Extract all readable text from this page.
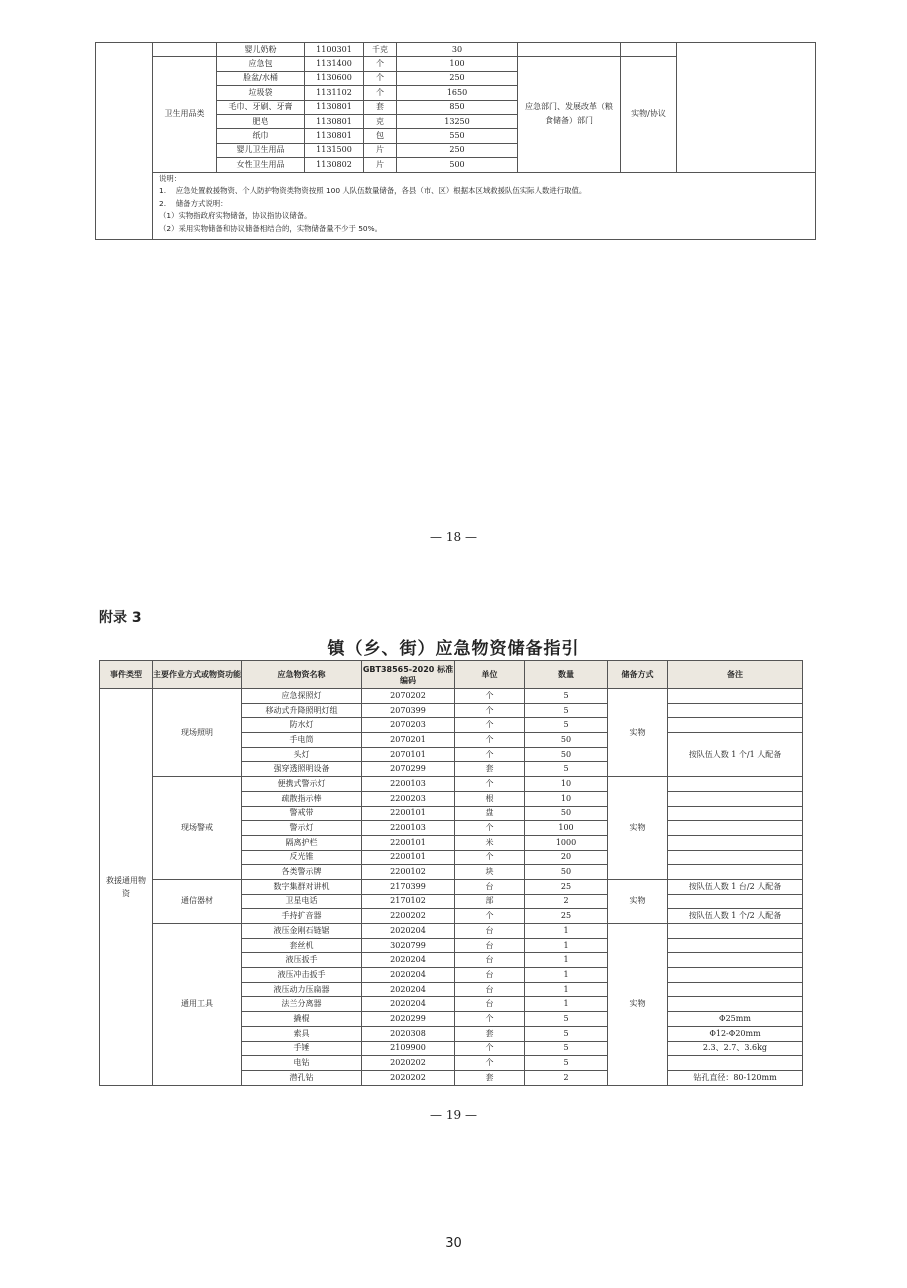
		婴儿奶粉	1100301	千克	30			
	卫生用品类	应急包	1131400	个	100	应急部门、发展改革（粮食储备）部门	实物/协议	
		脸盆/水桶	1130600	个	250			
		垃圾袋	1131102	个	1650			
		毛巾、牙刷、牙膏	1130801	套	850			
		肥皂	1130801	克	13250			
		纸巾	1130801	包	550			
		婴儿卫生用品	1131500	片	250			
		女性卫生用品	1130802	片	500			

	说明：
1.　 应急处置救援物资、个人防护物资类物资按照 100 人队伍数量储备，各县（市、区）根据本区域救援队伍实际人数进行取值。
2.　 储备方式说明：
（1）实物指政府实物储备，协议指协议储备。
（2）采用实物储备和协议储备相结合的，实物储备量不少于 50%。							
— 18 —
附录 3
镇（乡、街）应急物资储备指引
事件类型	主要作业方式或物资功能	应急物资名称	GBT38565-2020 标准编码	单位	数量	储备方式	备注
救援通用物资	现场照明	应急探照灯	2070202	个	5	实物	
		移动式升降照明灯组	2070399	个	5		
		防水灯	2070203	个	5		
		手电筒	2070201	个	50		按队伍人数 1 个/1 人配备
		头灯	2070101	个	50		
		强穿透照明设备	2070299	套	5		
	现场警戒	便携式警示灯	2200103	个	10	实物	
		疏散指示棒	2200203	根	10		
		警戒带	2200101	盘	50		
		警示灯	2200103	个	100		
		隔离护栏	2200101	米	1000		
		反光锥	2200101	个	20		
		各类警示牌	2200102	块	50		
	通信器材	数字集群对讲机	2170399	台	25	实物	按队伍人数 1 台/2 人配备
		卫星电话	2170102	部	2		
		手持扩音器	2200202	个	25		按队伍人数 1 个/2 人配备
	通用工具	液压金刚石链锯	2020204	台	1	实物	
		套丝机	3020799	台	1		
		液压扳手	2020204	台	1		
		液压冲击扳手	2020204	台	1		
		液压动力压扁器	2020204	台	1		
		法兰分离器	2020204	台	1		
		撬棍	2020299	个	5		Φ25mm
		索具	2020308	套	5		Φ12-Φ20mm
		手锤	2109900	个	5		2.3、2.7、3.6kg
		电钻	2020202	个	5		
		潜孔钻	2020202	套	2		钻孔直径：80-120mm
— 19 —
30
